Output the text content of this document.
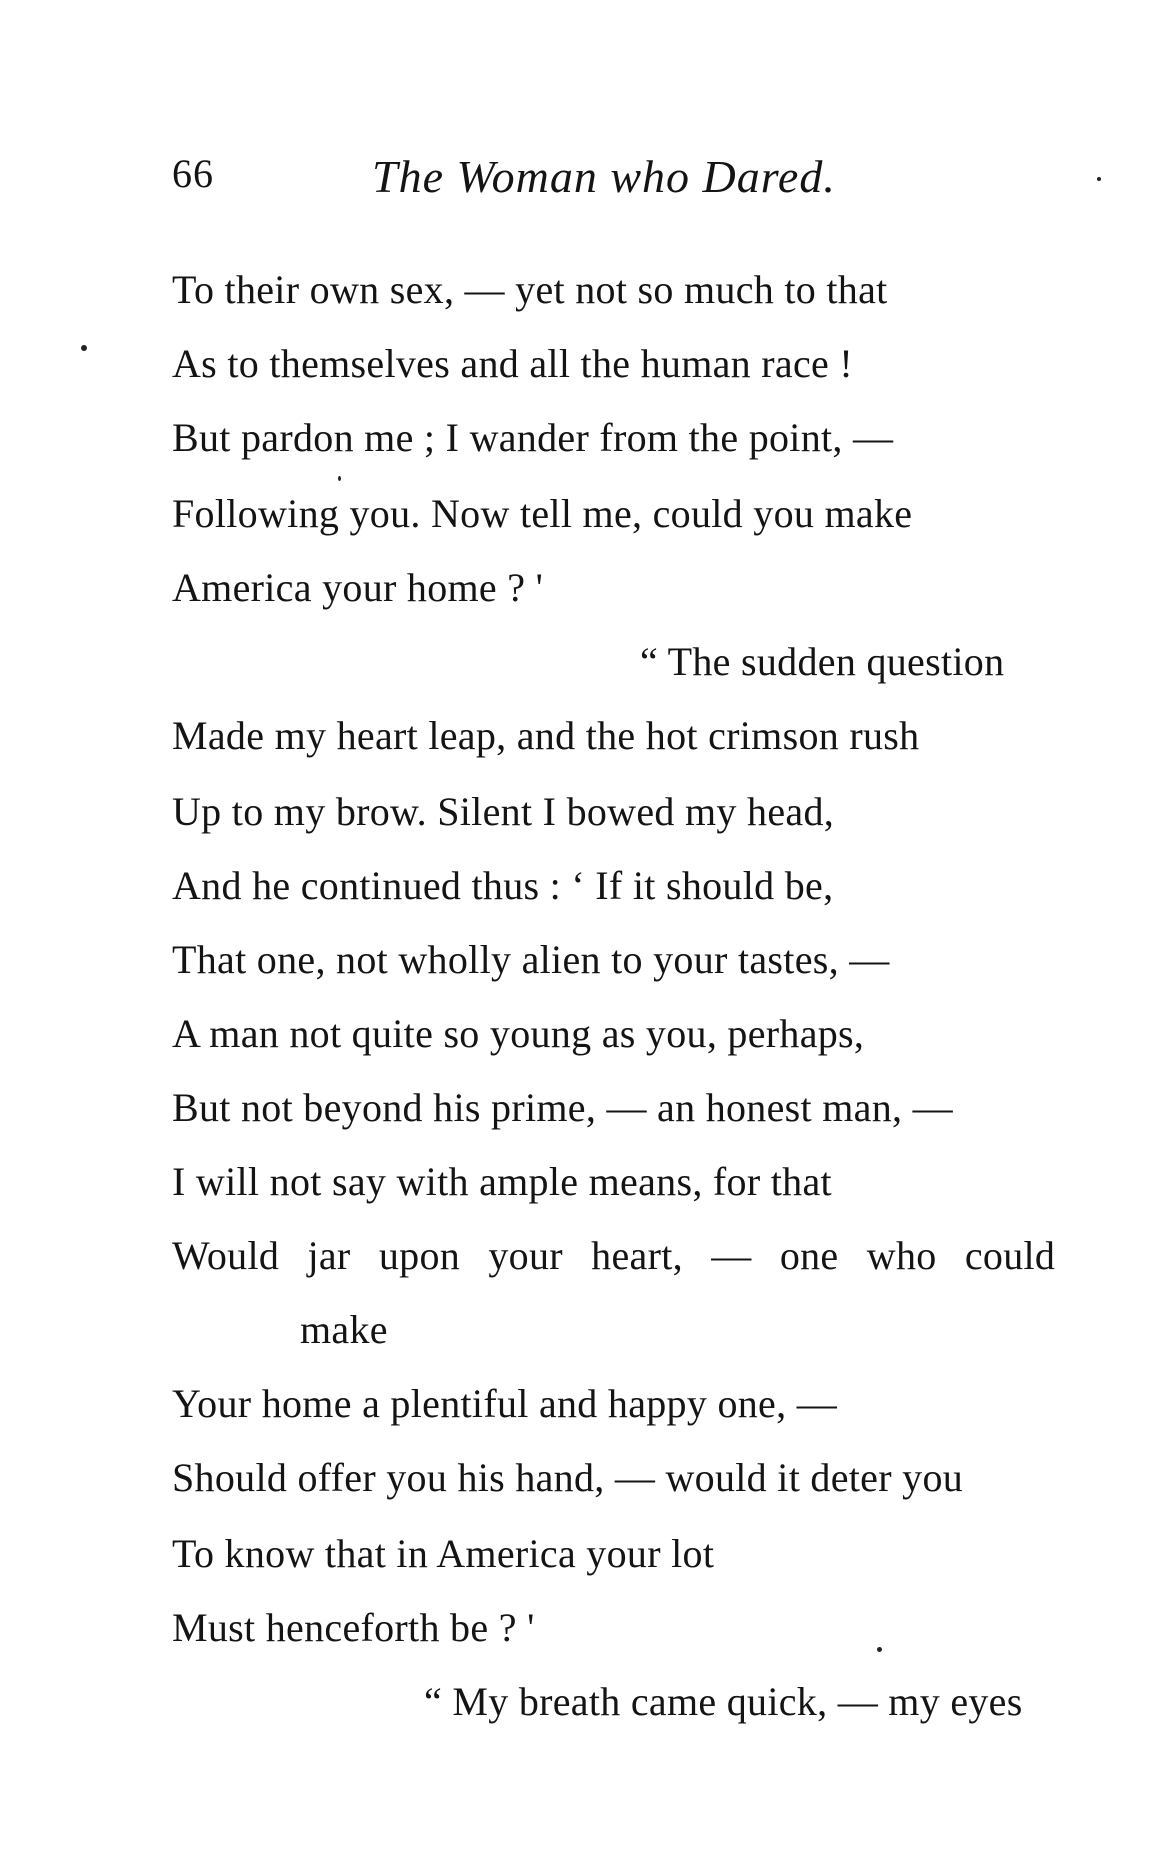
66	The Woman who Dared.
To their own sex, — yet not so much to that
As to themselves and all the human race !
But pardon me ; I wander from the point, —
Following you. Now tell me, could you make
America your home ? '
“ The sudden question
Made my heart leap, and the hot crimson rush
Up to my brow. Silent I bowed my head,
And he continued thus : ‘ If it should be,
That one, not wholly alien to your tastes, —
A man not quite so young as you, perhaps,
But not beyond his prime, — an honest man, —
I will not say with ample means, for that
Would jar upon your heart, — one who could
make
Your home a plentiful and happy one, —
Should offer you his hand, — would it deter you
To know that in America your lot
Must henceforth be ? '
“ My breath came quick, — my eyes
